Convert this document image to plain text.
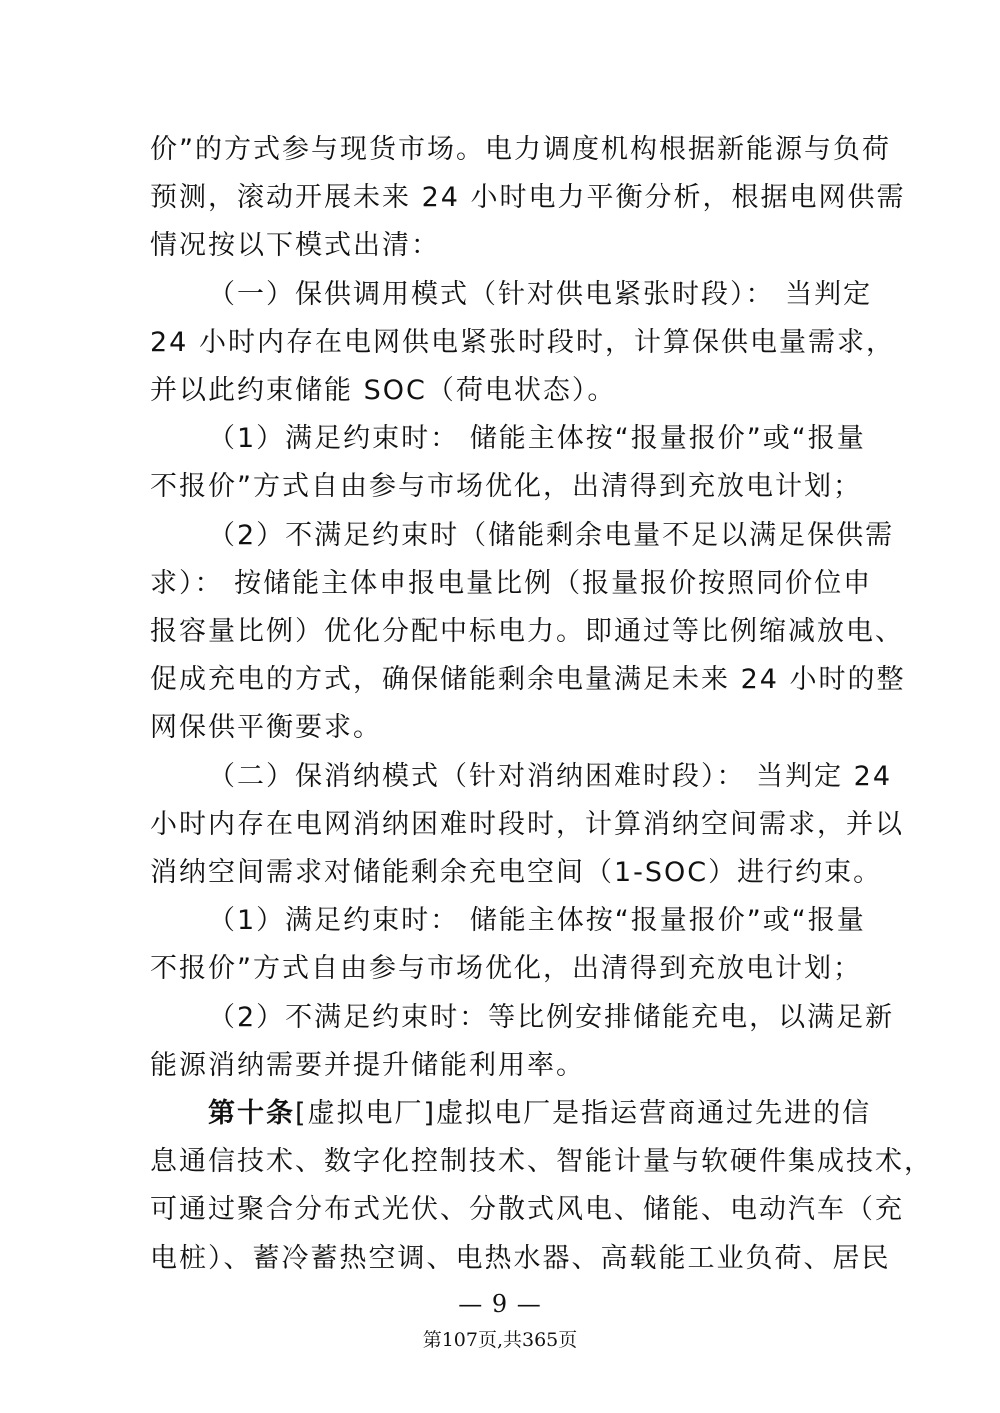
价”的方式参与现货市场。电力调度机构根据新能源与负荷
预测，滚动开展未来 24 小时电力平衡分析，根据电网供需
情况按以下模式出清：

（一）保供调用模式（针对供电紧张时段）： 当判定
24 小时内存在电网供电紧张时段时，计算保供电量需求，
并以此约束储能 SOC（荷电状态）。

（1）满足约束时： 储能主体按“报量报价”或“报量
不报价”方式自由参与市场优化，出清得到充放电计划；

（2）不满足约束时（储能剩余电量不足以满足保供需
求）： 按储能主体申报电量比例（报量报价按照同价位申
报容量比例）优化分配中标电力。即通过等比例缩减放电、
促成充电的方式，确保储能剩余电量满足未来 24 小时的整
网保供平衡要求。

（二）保消纳模式（针对消纳困难时段）： 当判定 24
小时内存在电网消纳困难时段时，计算消纳空间需求，并以
消纳空间需求对储能剩余充电空间（1-SOC）进行约束。

（1）满足约束时： 储能主体按“报量报价”或“报量
不报价”方式自由参与市场优化，出清得到充放电计划；

（2）不满足约束时：等比例安排储能充电，以满足新
能源消纳需要并提升储能利用率。

第十条[虚拟电厂]虚拟电厂是指运营商通过先进的信
息通信技术、数字化控制技术、智能计量与软硬件集成技术，
可通过聚合分布式光伏、分散式风电、储能、电动汽车（充
电桩）、蓄冷蓄热空调、电热水器、高载能工业负荷、居民

— 9 —
第107页,共365页
